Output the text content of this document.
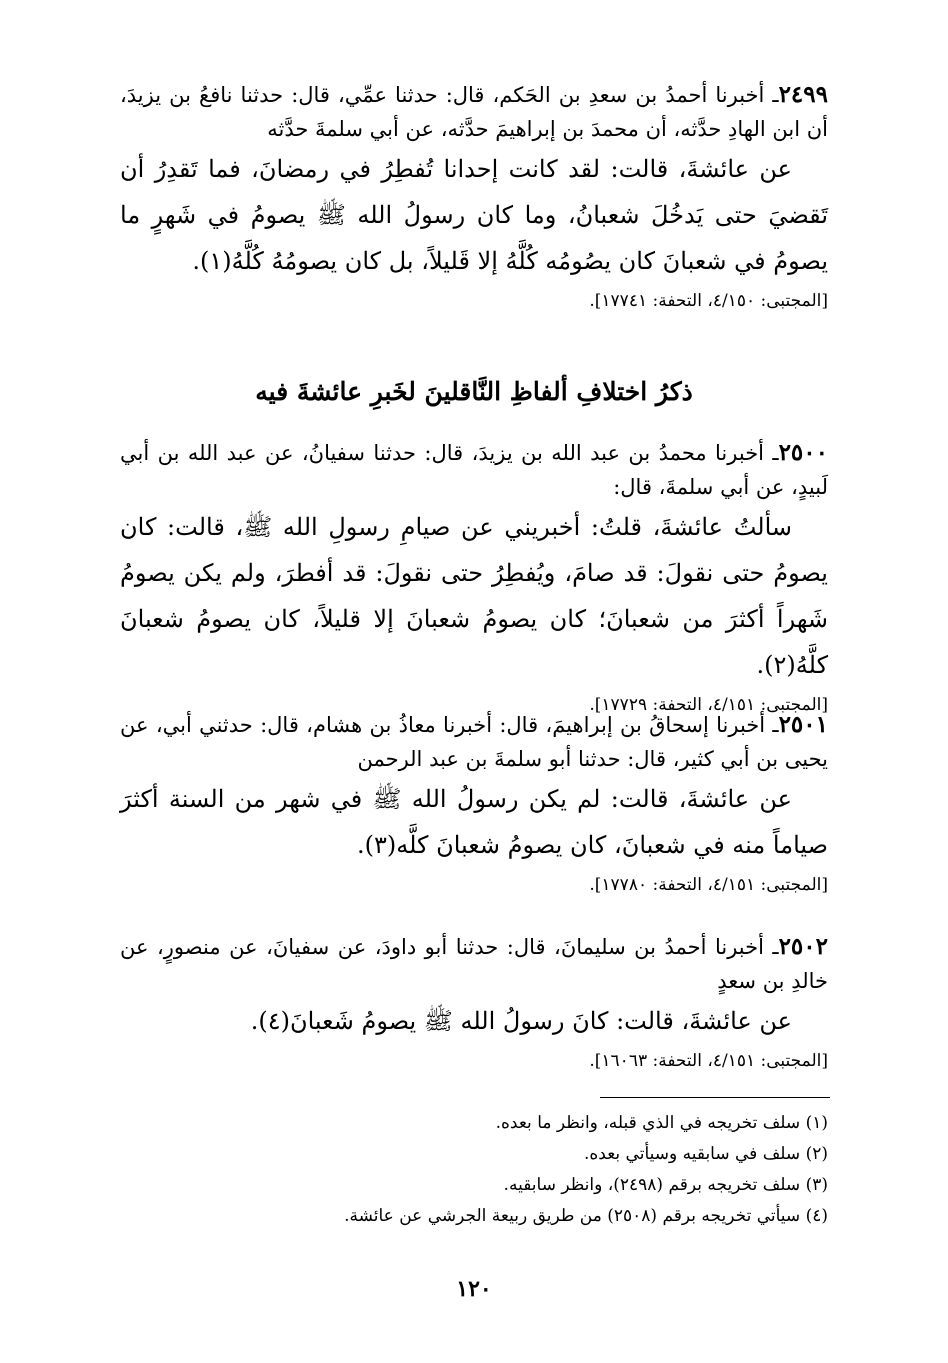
٢٤٩٩ـ أخبرنا أحمدُ بن سعدِ بن الحَكم، قال: حدثنا عمِّي، قال: حدثنا نافعُ بن يزيدَ، أن ابن الهادِ حدَّثه، أن محمدَ بن إبراهيمَ حدَّثه، عن أبي سلمةَ حدَّثه

عن عائشةَ، قالت: لقد كانت إحدانا تُفطِرُ في رمضانَ، فما تَقدِرُ أن تَقضيَ حتى يَدخُلَ شعبانُ، وما كان رسولُ الله ﷺ يصومُ في شَهرٍ ما يصومُ في شعبانَ كان يصُومُه كُلَّهُ إلا قَليلاً، بل كان يصومُهُ كُلَّهُ(١).

[المجتبى: ٤/١٥٠، التحفة: ١٧٧٤١].

ذكرُ اختلافِ ألفاظِ النَّاقلينَ لخَبرِ عائشةَ فيه

٢٥٠٠ـ أخبرنا محمدُ بن عبد الله بن يزيدَ، قال: حدثنا سفيانُ، عن عبد الله بن أبي لَبيدٍ، عن أبي سلمةَ، قال:

سألتُ عائشةَ، قلتُ: أخبريني عن صيامِ رسولِ الله ﷺ، قالت: كان يصومُ حتى نقولَ: قد صامَ، ويُفطِرُ حتى نقولَ: قد أفطرَ، ولم يكن يصومُ شَهراً أكثرَ من شعبانَ؛ كان يصومُ شعبانَ إلا قليلاً، كان يصومُ شعبانَ كلَّهُ(٢).

[المجتبى: ٤/١٥١، التحفة: ١٧٧٢٩].

٢٥٠١ـ أخبرنا إسحاقُ بن إبراهيمَ، قال: أخبرنا معاذُ بن هشام، قال: حدثني أبي، عن يحيى بن أبي كثير، قال: حدثنا أبو سلمةَ بن عبد الرحمن

عن عائشةَ، قالت: لم يكن رسولُ الله ﷺ في شهر من السنة أكثرَ صياماً منه في شعبانَ، كان يصومُ شعبانَ كلَّه(٣).

[المجتبى: ٤/١٥١، التحفة: ١٧٧٨٠].

٢٥٠٢ـ أخبرنا أحمدُ بن سليمانَ، قال: حدثنا أبو داودَ، عن سفيانَ، عن منصورٍ، عن خالدِ بن سعدٍ

عن عائشةَ، قالت: كانَ رسولُ الله ﷺ يصومُ شَعبانَ(٤).

[المجتبى: ٤/١٥١، التحفة: ١٦٠٦٣].

(١) سلف تخريجه في الذي قبله، وانظر ما بعده.
(٢) سلف في سابقيه وسيأتي بعده.
(٣) سلف تخريجه برقم (٢٤٩٨)، وانظر سابقيه.
(٤) سيأتي تخريجه برقم (٢٥٠٨) من طريق ربيعة الجرشي عن عائشة.
١٢٠
